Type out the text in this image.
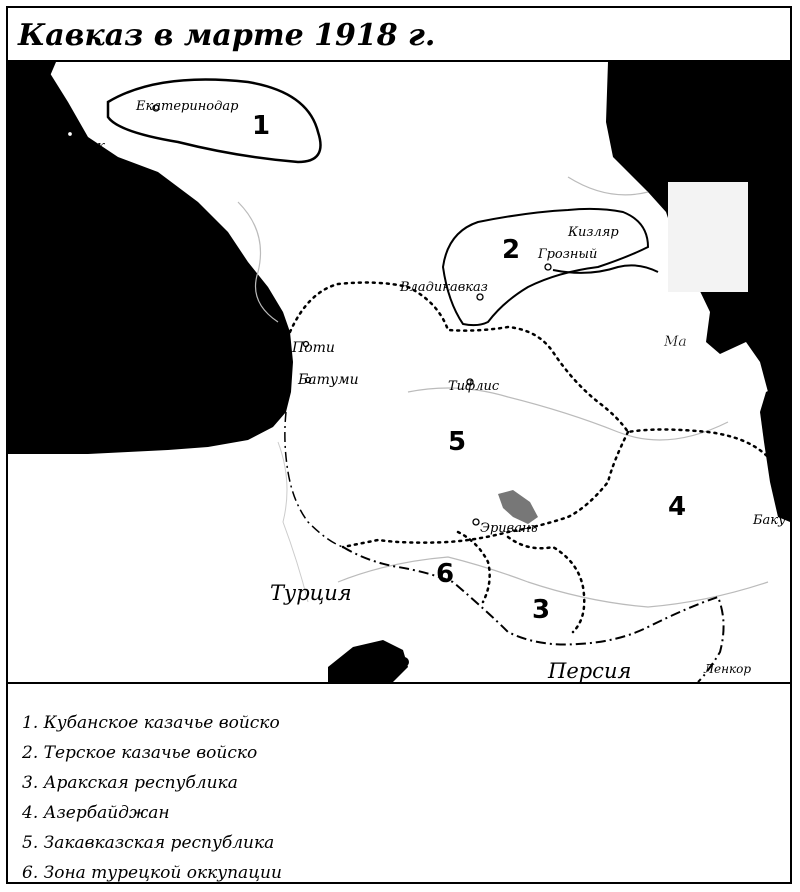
Кавказ в марте 1918 г.
Екатеринодар
Ейск
Кизляр
Грозный
Владикавказ
Поти
Батуми	Тифлис
Эривань
Баку
Ленкор
Ма
Турция
Персия
1
2
3
4
5
6
1. Кубанское казачье войско
2. Терское казачье войско
3. Аракская республика
4. Азербайджан
5. Закавказская республика
6. Зона турецкой оккупации
